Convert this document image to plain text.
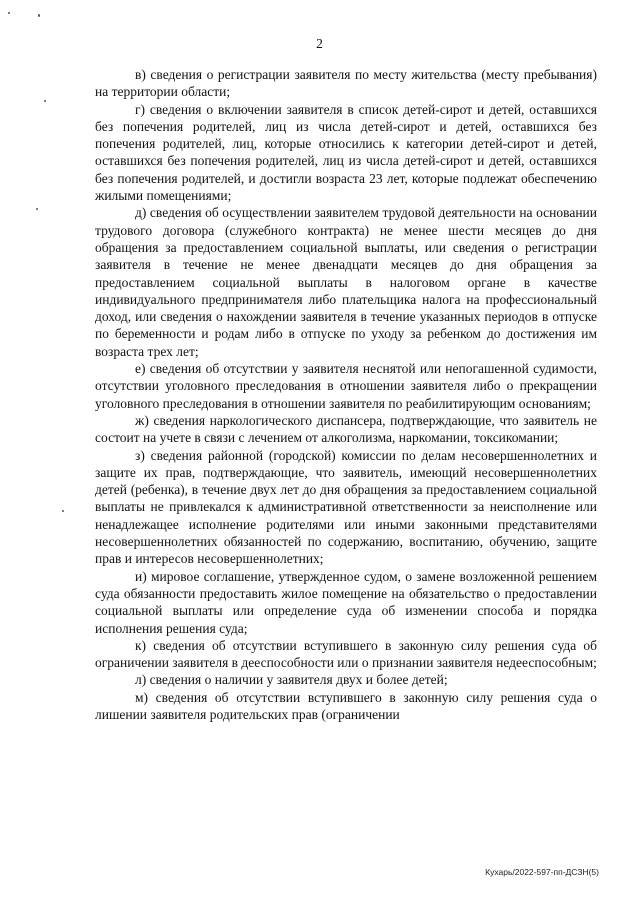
2

в) сведения о регистрации заявителя по месту жительства (месту пребывания) на территории области;

г) сведения о включении заявителя в список детей-сирот и детей, оставшихся без попечения родителей, лиц из числа детей-сирот и детей, оставшихся без попечения родителей, лиц, которые относились к категории детей-сирот и детей, оставшихся без попечения родителей, лиц из числа детей-сирот и детей, оставшихся без попечения родителей, и достигли возраста 23 лет, которые подлежат обеспечению жилыми помещениями;

д) сведения об осуществлении заявителем трудовой деятельности на основании трудового договора (служебного контракта) не менее шести месяцев до дня обращения за предоставлением социальной выплаты, или сведения о регистрации заявителя в течение не менее двенадцати месяцев до дня обращения за предоставлением социальной выплаты в налоговом органе в качестве индивидуального предпринимателя либо плательщика налога на профессиональный доход, или сведения о нахождении заявителя в течение указанных периодов в отпуске по беременности и родам либо в отпуске по уходу за ребенком до достижения им возраста трех лет;

е) сведения об отсутствии у заявителя неснятой или непогашенной судимости, отсутствии уголовного преследования в отношении заявителя либо о прекращении уголовного преследования в отношении заявителя по реабилитирующим основаниям;

ж) сведения наркологического диспансера, подтверждающие, что заявитель не состоит на учете в связи с лечением от алкоголизма, наркомании, токсикомании;

з) сведения районной (городской) комиссии по делам несовершеннолетних и защите их прав, подтверждающие, что заявитель, имеющий несовершеннолетних детей (ребенка), в течение двух лет до дня обращения за предоставлением социальной выплаты не привлекался к административной ответственности за неисполнение или ненадлежащее исполнение родителями или иными законными представителями несовершеннолетних обязанностей по содержанию, воспитанию, обучению, защите прав и интересов несовершеннолетних;

и) мировое соглашение, утвержденное судом, о замене возложенной решением суда обязанности предоставить жилое помещение на обязательство о предоставлении социальной выплаты или определение суда об изменении способа и порядка исполнения решения суда;

к) сведения об отсутствии вступившего в законную силу решения суда об ограничении заявителя в дееспособности или о признании заявителя недееспособным;

л) сведения о наличии у заявителя двух и более детей;

м) сведения об отсутствии вступившего в законную силу решения суда о лишении заявителя родительских прав (ограничении

Кухарь/2022-597-пп-ДСЗН(5)
